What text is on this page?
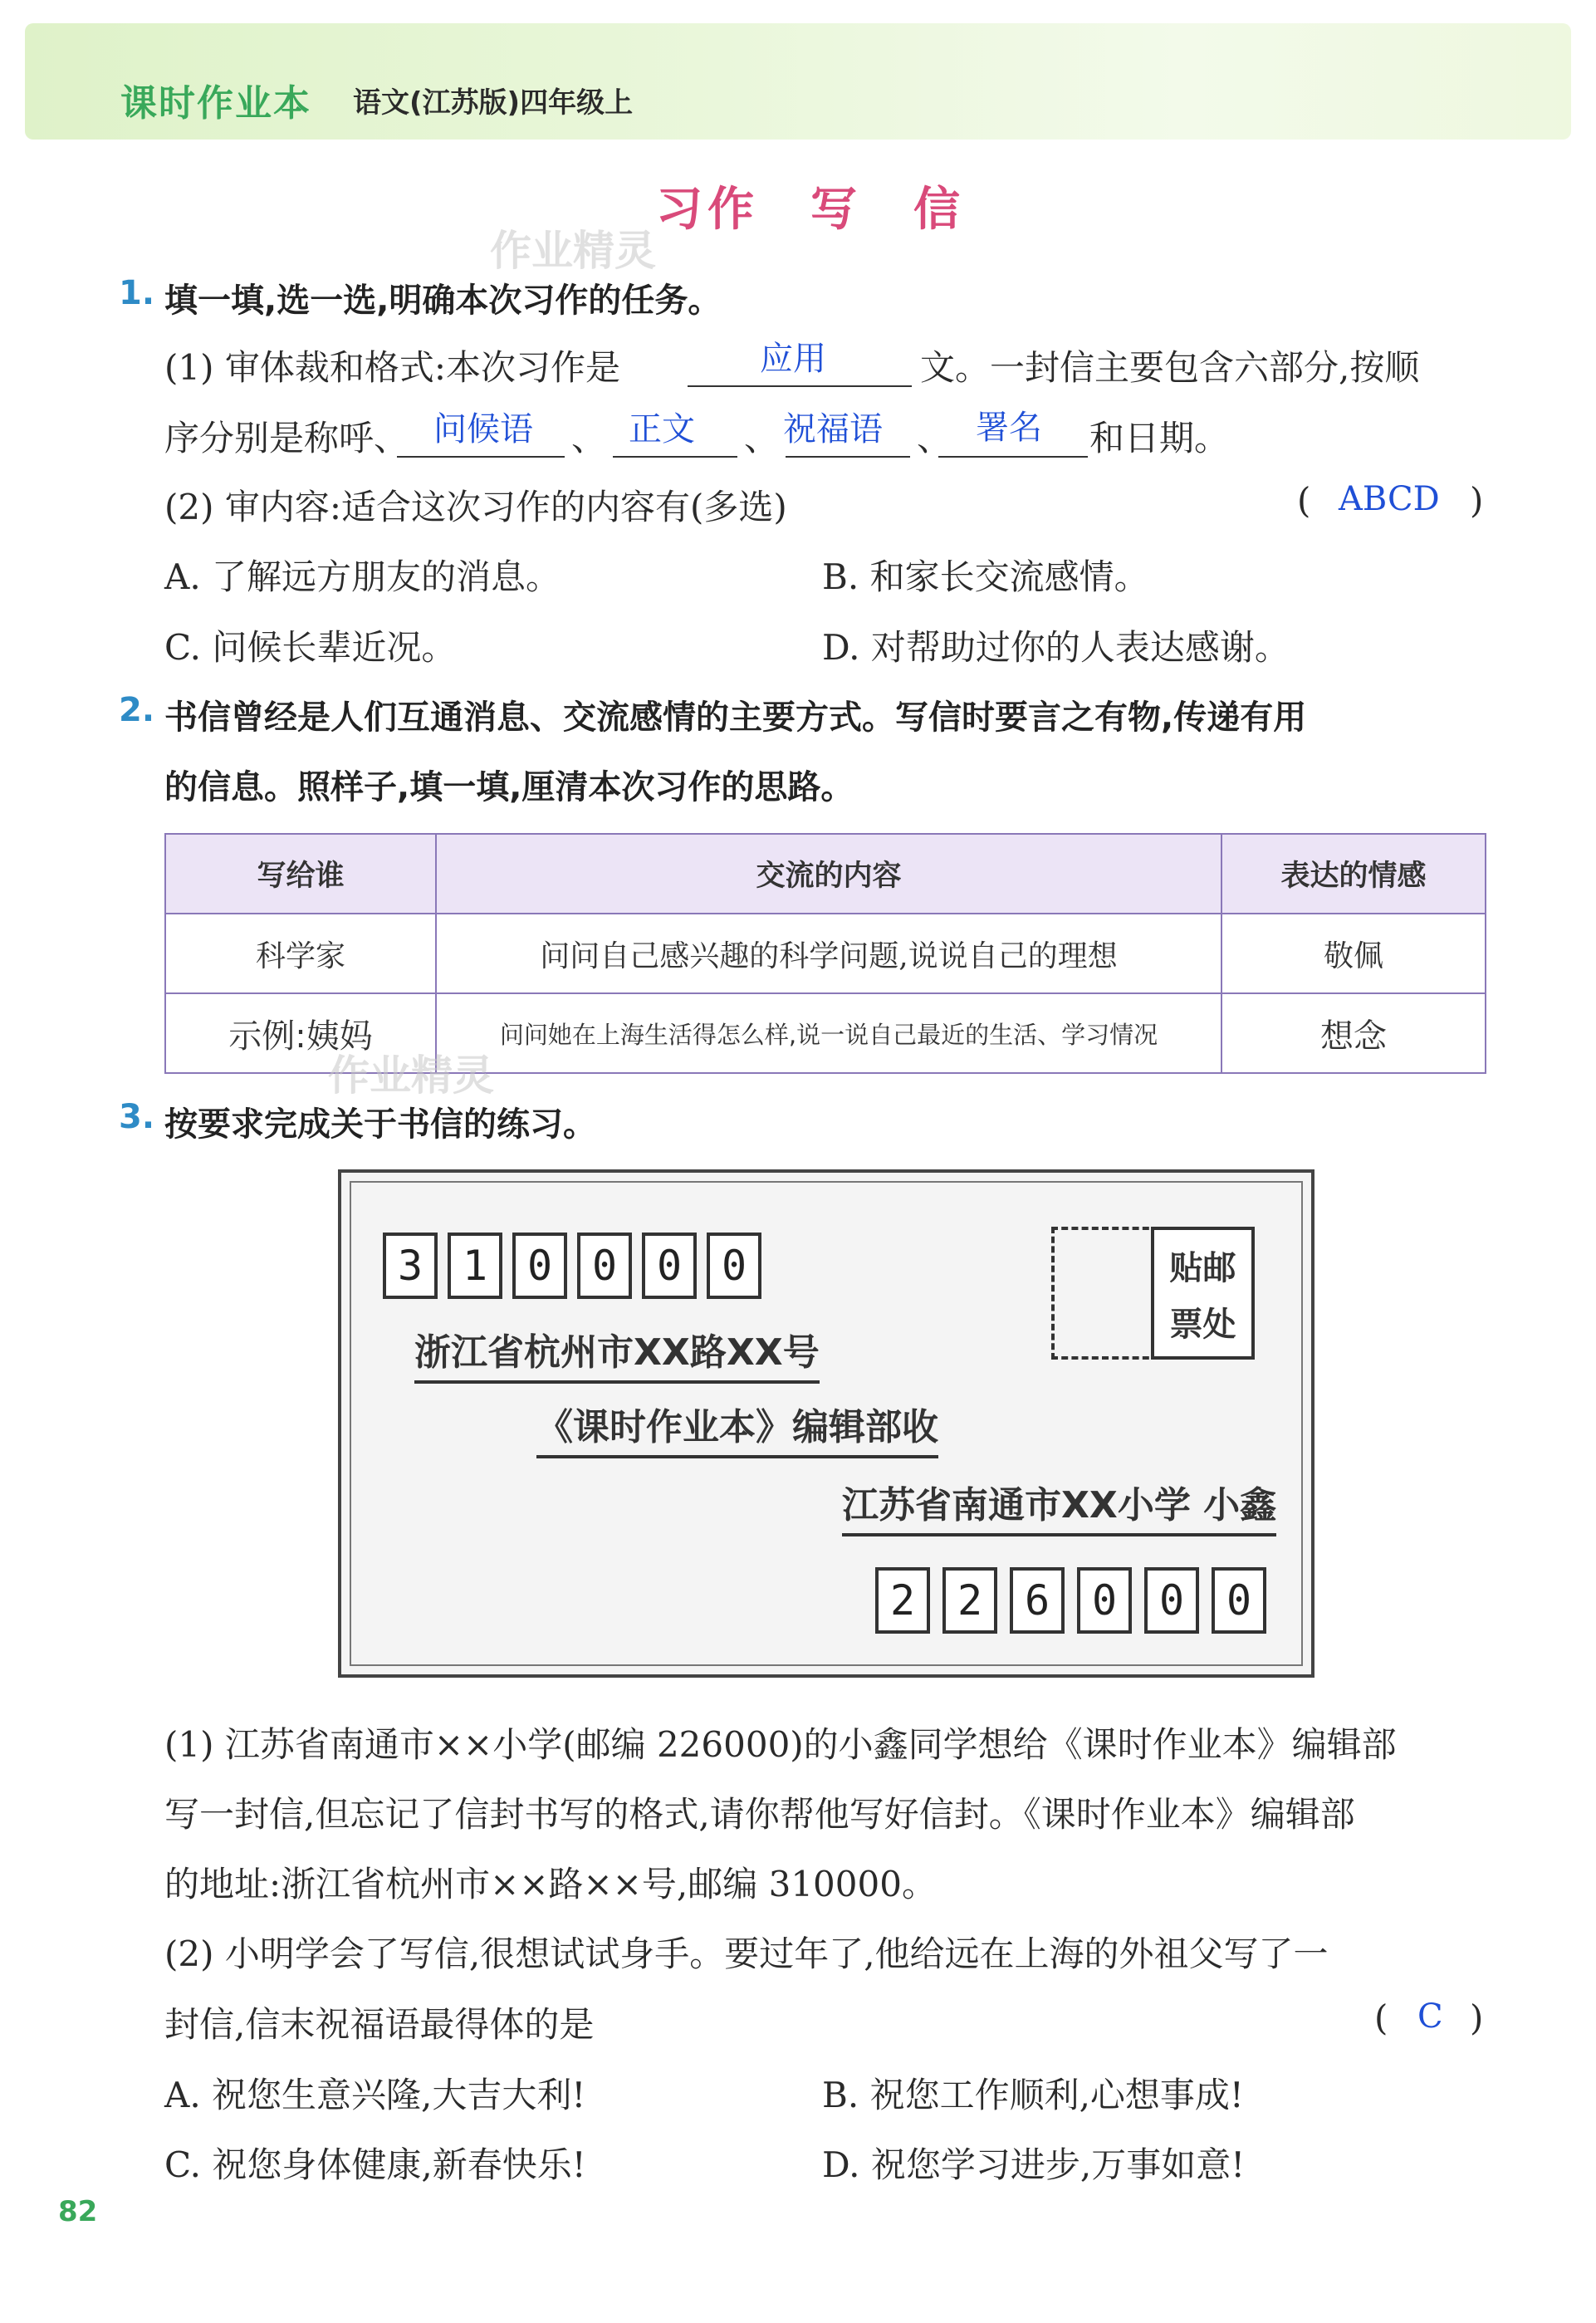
课时作业本 语文(江苏版)四年级上
习作　写　信
作业精灵
1. 填一填,选一选,明确本次习作的任务。
(1) 审体裁和格式:本次习作是	应用	文。一封信主要包含六部分,按顺
序分别是称呼、 问候语 、 正文 、 祝福语 、 署名 和日期。
(2) 审内容:适合这次习作的内容有(多选)	( ABCD )
A. 了解远方朋友的消息。	B. 和家长交流感情。
C. 问候长辈近况。	D. 对帮助过你的人表达感谢。
2. 书信曾经是人们互通消息、交流感情的主要方式。写信时要言之有物,传递有用
的信息。照样子,填一填,厘清本次习作的思路。
写给谁	交流的内容	表达的情感
科学家	问问自己感兴趣的科学问题,说说自己的理想	敬佩
示例:姨妈	问问她在上海生活得怎么样,说一说自己最近的生活、学习情况	想念
作业精灵
3. 按要求完成关于书信的练习。
3 1 0 0 0 0	贴邮
票处
浙江省杭州市XX路XX号
《课时作业本》编辑部收
江苏省南通市XX小学 小鑫
2	2	6	0	0	0
(1) 江苏省南通市××小学(邮编 226000)的小鑫同学想给《课时作业本》编辑部
写一封信,但忘记了信封书写的格式,请你帮他写好信封。《课时作业本》编辑部
的地址:浙江省杭州市××路××号,邮编 310000。
(2) 小明学会了写信,很想试试身手。要过年了,他给远在上海的外祖父写了一
封信,信末祝福语最得体的是	( C )
A. 祝您生意兴隆,大吉大利!	B. 祝您工作顺利,心想事成!
C. 祝您身体健康,新春快乐!	D. 祝您学习进步,万事如意!
82
